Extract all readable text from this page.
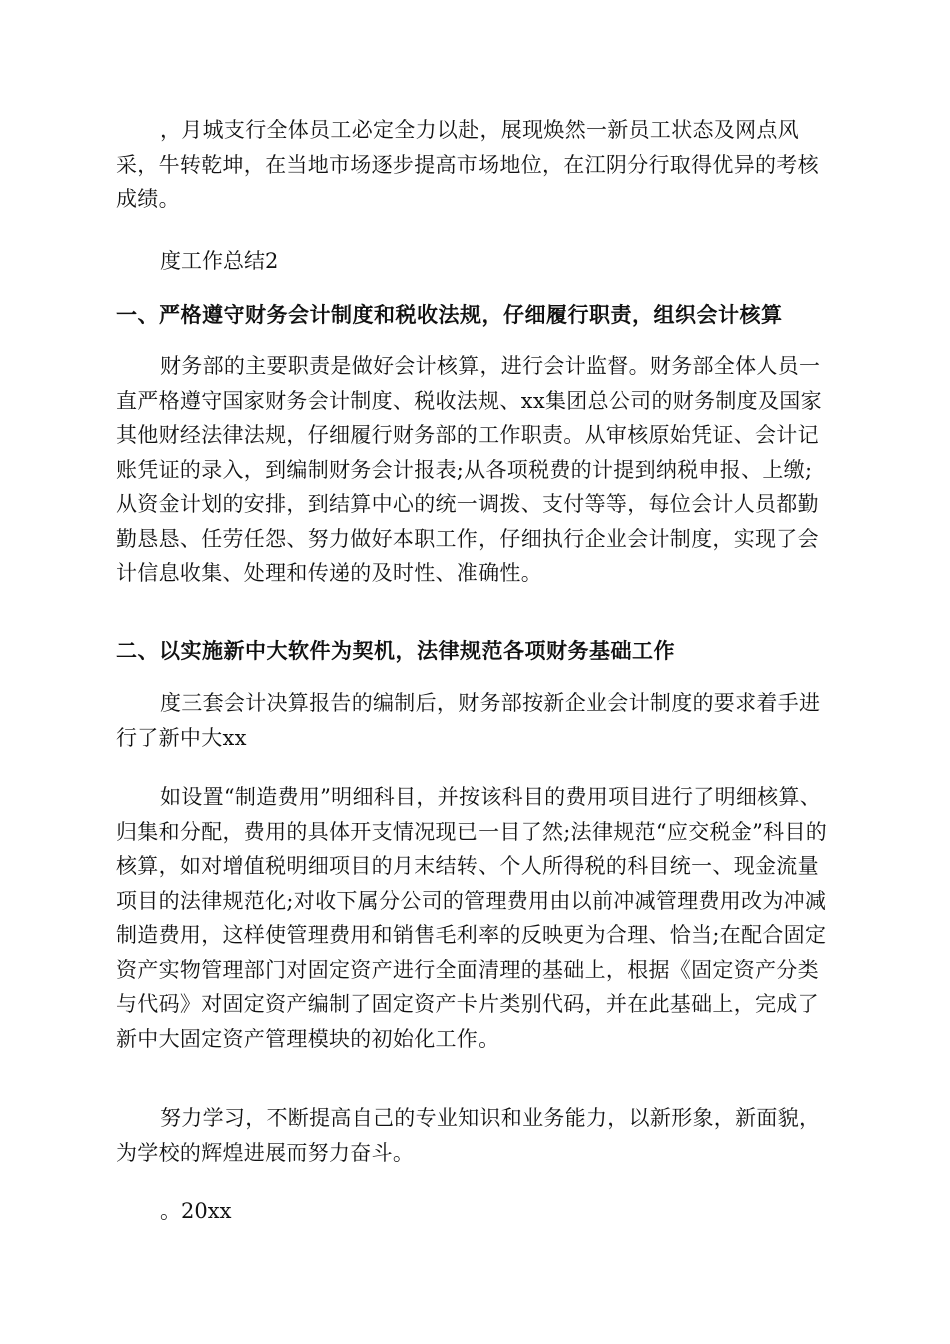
，月城支行全体员工必定全力以赴，展现焕然一新员工状态及网点风采，牛转乾坤，在当地市场逐步提高市场地位，在江阴分行取得优异的考核成绩。

度工作总结2

一、严格遵守财务会计制度和税收法规，仔细履行职责，组织会计核算

财务部的主要职责是做好会计核算，进行会计监督。财务部全体人员一直严格遵守国家财务会计制度、税收法规、xx集团总公司的财务制度及国家其他财经法律法规，仔细履行财务部的工作职责。从审核原始凭证、会计记账凭证的录入，到编制财务会计报表;从各项税费的计提到纳税申报、上缴;从资金计划的安排，到结算中心的统一调拨、支付等等，每位会计人员都勤勤恳恳、任劳任怨、努力做好本职工作，仔细执行企业会计制度，实现了会计信息收集、处理和传递的及时性、准确性。

二、以实施新中大软件为契机，法律规范各项财务基础工作

度三套会计决算报告的编制后，财务部按新企业会计制度的要求着手进行了新中大xx

如设置“制造费用”明细科目，并按该科目的费用项目进行了明细核算、归集和分配，费用的具体开支情况现已一目了然;法律规范“应交税金”科目的核算，如对增值税明细项目的月末结转、个人所得税的科目统一、现金流量项目的法律规范化;对收下属分公司的管理费用由以前冲减管理费用改为冲减制造费用，这样使管理费用和销售毛利率的反映更为合理、恰当;在配合固定资产实物管理部门对固定资产进行全面清理的基础上，根据《固定资产分类与代码》对固定资产编制了固定资产卡片类别代码，并在此基础上，完成了新中大固定资产管理模块的初始化工作。

努力学习，不断提高自己的专业知识和业务能力，以新形象，新面貌，为学校的辉煌进展而努力奋斗。

。20xx
